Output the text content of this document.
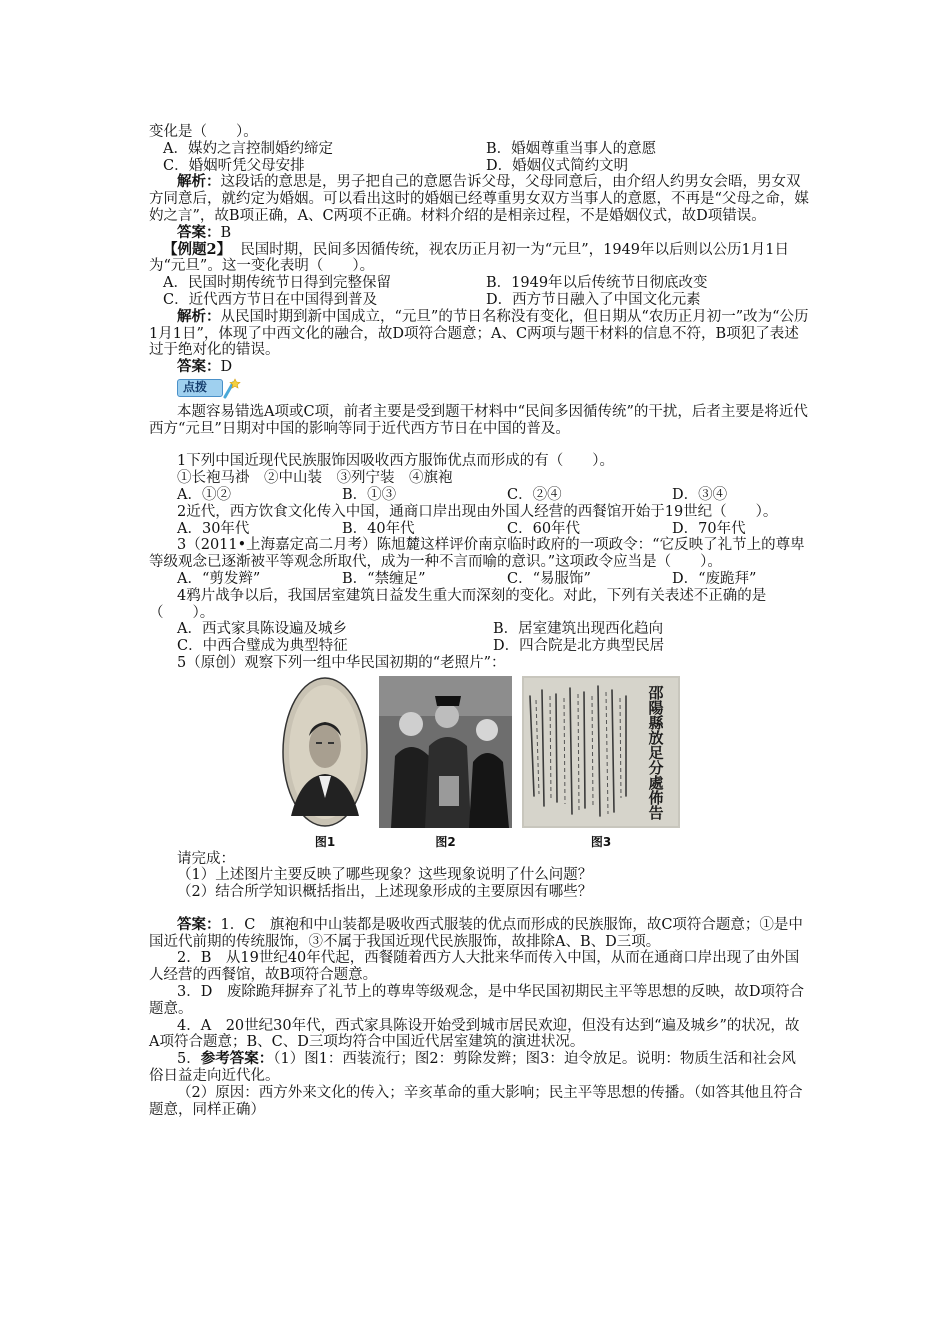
变化是（　　）。

A．媒妁之言控制婚约缔定	B．婚姻尊重当事人的意愿
C．婚姻听凭父母安排	D．婚姻仪式简约文明

解析：这段话的意思是，男子把自己的意愿告诉父母，父母同意后，由介绍人约男女会晤，男女双方同意后，就约定为婚姻。可以看出这时的婚姻已经尊重男女双方当事人的意愿，不再是“父母之命，媒妁之言”，故B项正确，A、C两项不正确。材料介绍的是相亲过程，不是婚姻仪式，故D项错误。

答案：B

【例题2】 民国时期，民间多因循传统，视农历正月初一为“元旦”，1949年以后则以公历1月1日为“元旦”。这一变化表明（　　）。

A．民国时期传统节日得到完整保留	B．1949年以后传统节日彻底改变
C．近代西方节日在中国得到普及	D．西方节日融入了中国文化元素

解析：从民国时期到新中国成立，“元旦”的节日名称没有变化，但日期从“农历正月初一”改为“公历1月1日”，体现了中西文化的融合，故D项符合题意；A、C两项与题干材料的信息不符，B项犯了表述过于绝对化的错误。

答案：D

点拨

本题容易错选A项或C项，前者主要是受到题干材料中“民间多因循传统”的干扰，后者主要是将近代西方“元旦”日期对中国的影响等同于近代西方节日在中国的普及。

1下列中国近现代民族服饰因吸收西方服饰优点而形成的有（　　）。

①长袍马褂　②中山装　③列宁装　④旗袍

A．①②	B．①③	C．②④	D．③④

2近代，西方饮食文化传入中国，通商口岸出现由外国人经营的西餐馆开始于19世纪（　　）。

A．30年代	B．40年代	C．60年代	D．70年代

3（2011•上海嘉定高二月考）陈旭麓这样评价南京临时政府的一项政令：“它反映了礼节上的尊卑等级观念已逐渐被平等观念所取代，成为一种不言而喻的意识。”这项政令应当是（　　）。

A．“剪发辫”	B．“禁缠足”	C．“易服饰”	D．“废跪拜”

4鸦片战争以后，我国居室建筑日益发生重大而深刻的变化。对此，下列有关表述不正确的是（　　）。

A．西式家具陈设遍及城乡	B．居室建筑出现西化趋向
C．中西合璧成为典型特征	D．四合院是北方典型民居

5（原创）观察下列一组中华民国初期的“老照片”：

图1	图2
邵
陽
縣
放
足
分
處
佈
告
图3

请完成：

（1）上述图片主要反映了哪些现象？这些现象说明了什么问题？

（2）结合所学知识概括指出，上述现象形成的主要原因有哪些？

答案：1．C　旗袍和中山装都是吸收西式服装的优点而形成的民族服饰，故C项符合题意；①是中国近代前期的传统服饰，③不属于我国近现代民族服饰，故排除A、B、D三项。

2．B　从19世纪40年代起，西餐随着西方人大批来华而传入中国，从而在通商口岸出现了由外国人经营的西餐馆，故B项符合题意。

3．D　废除跪拜摒弃了礼节上的尊卑等级观念，是中华民国初期民主平等思想的反映，故D项符合题意。

4．A　20世纪30年代，西式家具陈设开始受到城市居民欢迎，但没有达到“遍及城乡”的状况，故A项符合题意；B、C、D三项均符合中国近代居室建筑的演进状况。

5．参考答案：（1）图1：西装流行；图2：剪除发辫；图3：迫令放足。说明：物质生活和社会风俗日益走向近代化。

（2）原因：西方外来文化的传入；辛亥革命的重大影响；民主平等思想的传播。（如答其他且符合题意，同样正确）
